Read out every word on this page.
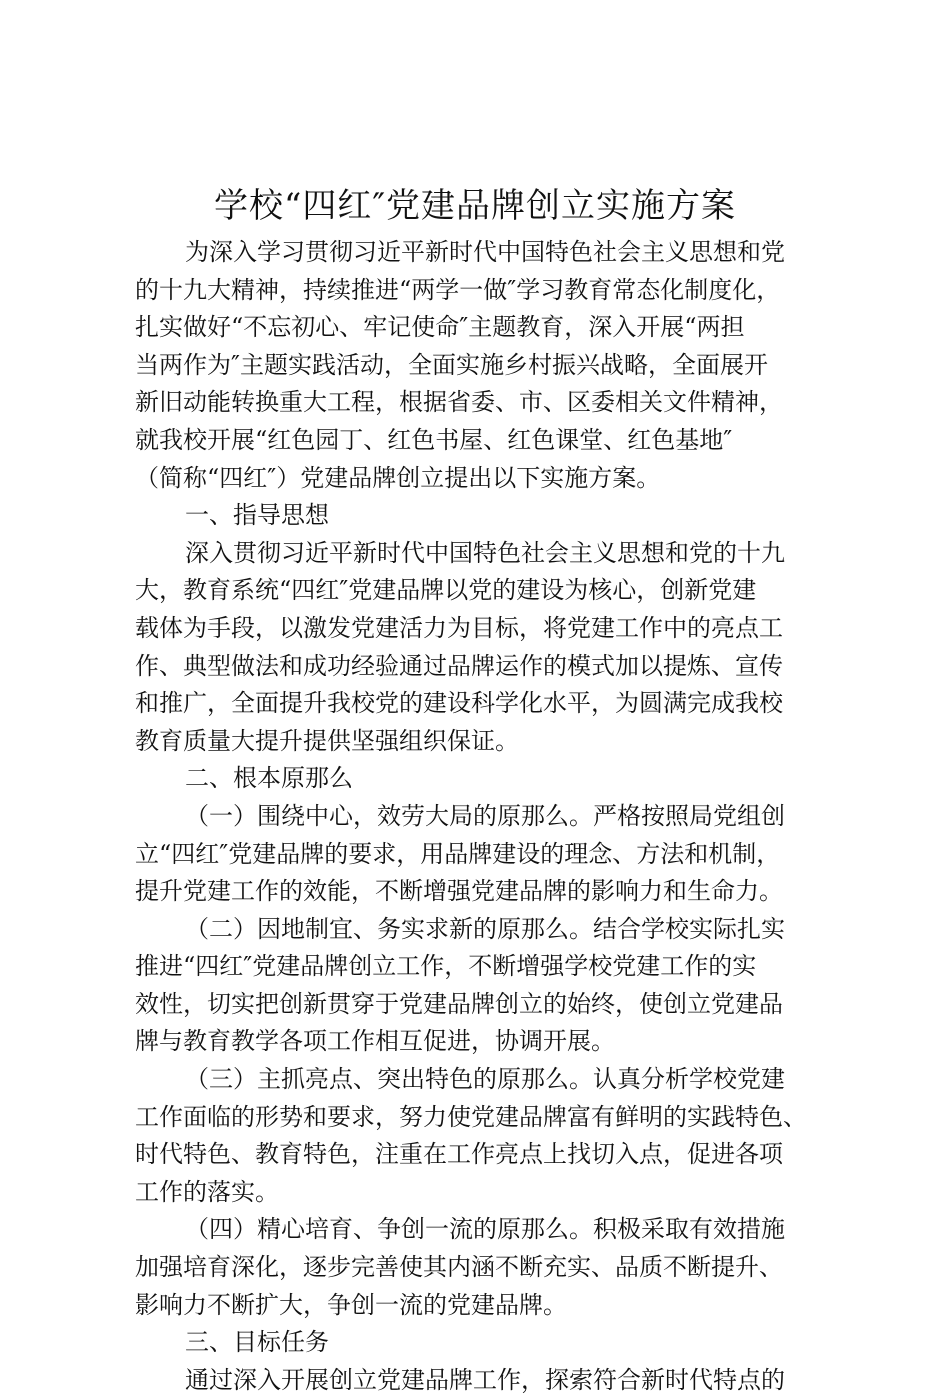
学校“四红″党建品牌创立实施方案
为深入学习贯彻习近平新时代中国特色社会主义思想和党
的十九大精神，持续推进“两学一做″学习教育常态化制度化，
扎实做好“不忘初心、牢记使命″主题教育，深入开展“两担
当两作为″主题实践活动，全面实施乡村振兴战略，全面展开
新旧动能转换重大工程，根据省委、市、区委相关文件精神，
就我校开展“红色园丁、红色书屋、红色课堂、红色基地″
（简称“四红″）党建品牌创立提出以下实施方案。
一、指导思想
深入贯彻习近平新时代中国特色社会主义思想和党的十九
大，教育系统“四红″党建品牌以党的建设为核心，创新党建
载体为手段，以激发党建活力为目标，将党建工作中的亮点工
作、典型做法和成功经验通过品牌运作的模式加以提炼、宣传
和推广，全面提升我校党的建设科学化水平，为圆满完成我校
教育质量大提升提供坚强组织保证。
二、根本原那么
（一）围绕中心，效劳大局的原那么。严格按照局党组创
立“四红″党建品牌的要求，用品牌建设的理念、方法和机制，
提升党建工作的效能，不断增强党建品牌的影响力和生命力。
（二）因地制宜、务实求新的原那么。结合学校实际扎实
推进“四红″党建品牌创立工作，不断增强学校党建工作的实
效性，切实把创新贯穿于党建品牌创立的始终，使创立党建品
牌与教育教学各项工作相互促进，协调开展。
（三）主抓亮点、突出特色的原那么。认真分析学校党建
工作面临的形势和要求，努力使党建品牌富有鲜明的实践特色、
时代特色、教育特色，注重在工作亮点上找切入点，促进各项
工作的落实。
（四）精心培育、争创一流的原那么。积极采取有效措施
加强培育深化，逐步完善使其内涵不断充实、品质不断提升、
影响力不断扩大，争创一流的党建品牌。
三、目标任务
通过深入开展创立党建品牌工作，探索符合新时代特点的
